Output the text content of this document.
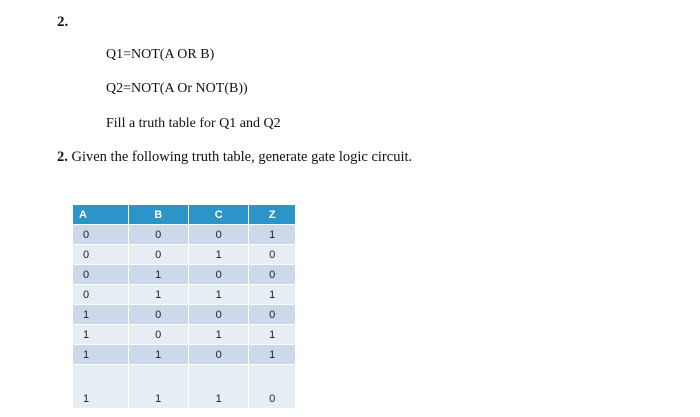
2.
Q1=NOT(A OR B)
Q2=NOT(A Or NOT(B))
Fill a truth table for Q1 and Q2
2. Given the following truth table, generate gate logic circuit.
A	B	C	Z
0	0	0	1
0	0	1	0
0	1	0	0
0	1	1	1
1	0	0	0
1	0	1	1
1	1	0	1
1	1	1	0
